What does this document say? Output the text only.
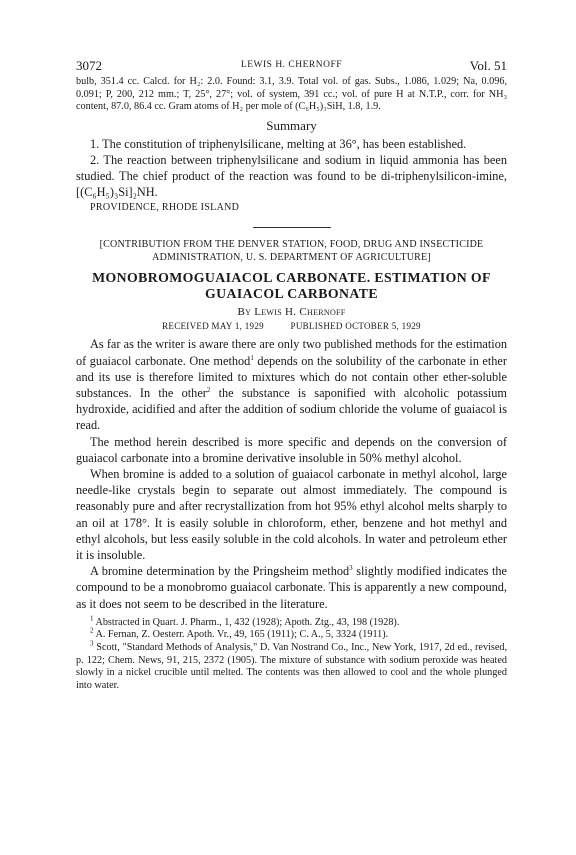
3072	LEWIS H. CHERNOFF	Vol. 51

bulb, 351.4 cc. Calcd. for H₂: 2.0. Found: 3.1, 3.9. Total vol. of gas. Subs., 1.086, 1.029; Na, 0.096, 0.091; P, 200, 212 mm.; T, 25°, 27°; vol. of system, 391 cc.; vol. of pure H at N.T.P., corr. for NH₃ content, 87.0, 86.4 cc. Gram atoms of H₂ per mole of (C₆H₅)₃SiH, 1.8, 1.9.

Summary

1. The constitution of triphenylsilicane, melting at 36°, has been established.

2. The reaction between triphenylsilicane and sodium in liquid ammonia has been studied. The chief product of the reaction was found to be di-triphenylsilicon-imine, [(C₆H₅)₃Si]₂NH.

PROVIDENCE, RHODE ISLAND
[CONTRIBUTION FROM THE DENVER STATION, FOOD, DRUG AND INSECTICIDE
ADMINISTRATION, U. S. DEPARTMENT OF AGRICULTURE]
MONOBROMOGUAIACOL CARBONATE. ESTIMATION OF
GUAIACOL CARBONATE
By Lewis H. Chernoff
RECEIVED MAY 1, 1929	PUBLISHED OCTOBER 5, 1929

As far as the writer is aware there are only two published methods for the estimation of guaiacol carbonate. One method$^1$ depends on the solubility of the carbonate in ether and its use is therefore limited to mixtures which do not contain other ether-soluble substances. In the other$^2$ the substance is saponified with alcoholic potassium hydroxide, acidified and after the addition of sodium chloride the volume of guaiacol is read.

The method herein described is more specific and depends on the conversion of guaiacol carbonate into a bromine derivative insoluble in 50% methyl alcohol.

When bromine is added to a solution of guaiacol carbonate in methyl alcohol, large needle-like crystals begin to separate out almost immediately. The compound is reasonably pure and after recrystallization from hot 95% ethyl alcohol melts sharply to an oil at 178°. It is easily soluble in chloroform, ether, benzene and hot methyl and ethyl alcohols, but less easily soluble in the cold alcohols. In water and petroleum ether it is insoluble.

A bromine determination by the Pringsheim method$^3$ slightly modified indicates the compound to be a monobromo guaiacol carbonate. This is apparently a new compound, as it does not seem to be described in the literature.

$^1$ Abstracted in Quart. J. Pharm., 1, 432 (1928); Apoth. Ztg., 43, 198 (1928).

$^2$ A. Fernan, Z. Oesterr. Apoth. Vr., 49, 165 (1911); C. A., 5, 3324 (1911).

$^3$ Scott, "Standard Methods of Analysis," D. Van Nostrand Co., Inc., New York, 1917, 2d ed., revised, p. 122; Chem. News, 91, 215, 2372 (1905). The mixture of substance with sodium peroxide was heated slowly in a nickel crucible until melted. The contents was then allowed to cool and the whole plunged into water.
